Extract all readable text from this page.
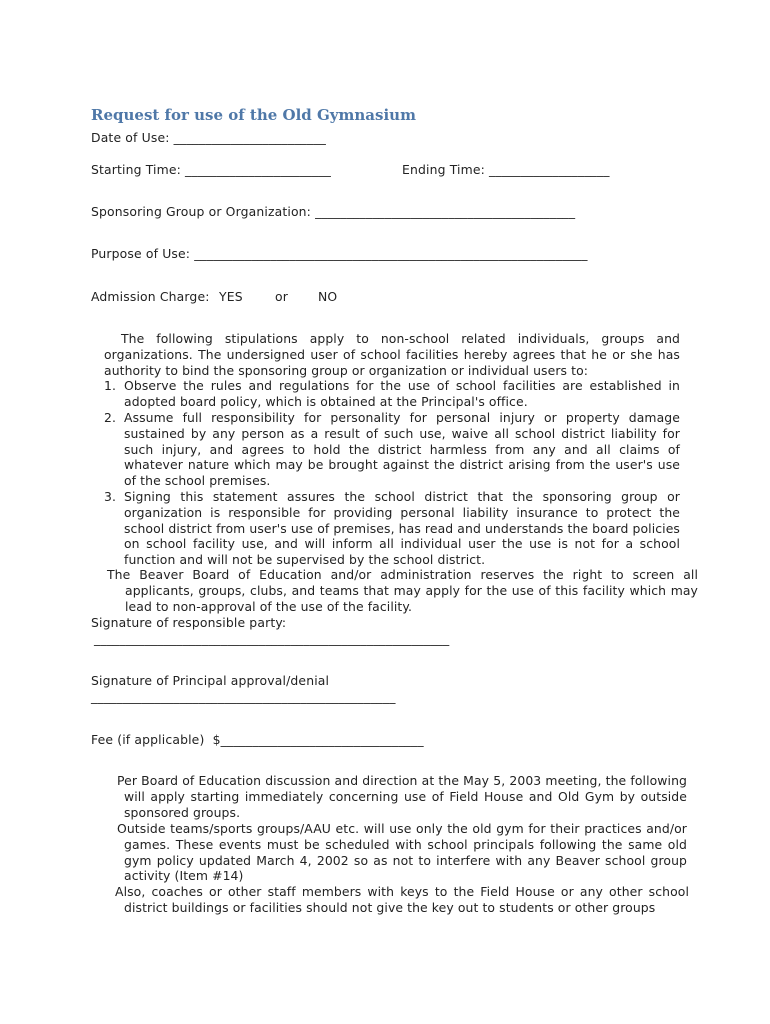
Request for use of the Old Gymnasium
Date of Use: ________________________
Starting Time: _______________________	Ending Time: ___________________
Sponsoring Group or Organization: _________________________________________
Purpose of Use: ______________________________________________________________
Admission Charge: YES	or NO
The following stipulations apply to non-school related individuals, groups and organizations. The undersigned user of school facilities hereby agrees that he or she has authority to bind the sponsoring group or organization or individual users to:
1. Observe the rules and regulations for the use of school facilities are established in adopted board policy, which is obtained at the Principal's office.
2. Assume full responsibility for personality for personal injury or property damage sustained by any person as a result of such use, waive all school district liability for such injury, and agrees to hold the district harmless from any and all claims of whatever nature which may be brought against the district arising from the user's use of the school premises.
3. Signing this statement assures the school district that the sponsoring group or organization is responsible for providing personal liability insurance to protect the school district from user's use of premises, has read and understands the board policies on school facility use, and will inform all individual user the use is not for a school function and will not be supervised by the school district.
The Beaver Board of Education and/or administration reserves the right to screen all applicants, groups, clubs, and teams that may apply for the use of this facility which may lead to non-approval of the use of the facility.
Signature of responsible party:
________________________________________________________
Signature of Principal approval/denial
________________________________________________
Fee (if applicable)  $________________________________
Per Board of Education discussion and direction at the May 5, 2003 meeting, the following will apply starting immediately concerning use of Field House and Old Gym by outside sponsored groups.
Outside teams/sports groups/AAU etc. will use only the old gym for their practices and/or games. These events must be scheduled with school principals following the same old gym policy updated March 4, 2002 so as not to interfere with any Beaver school group activity (Item #14)
Also, coaches or other staff members with keys to the Field House or any other school district buildings or facilities should not give the key out to students or other groups
